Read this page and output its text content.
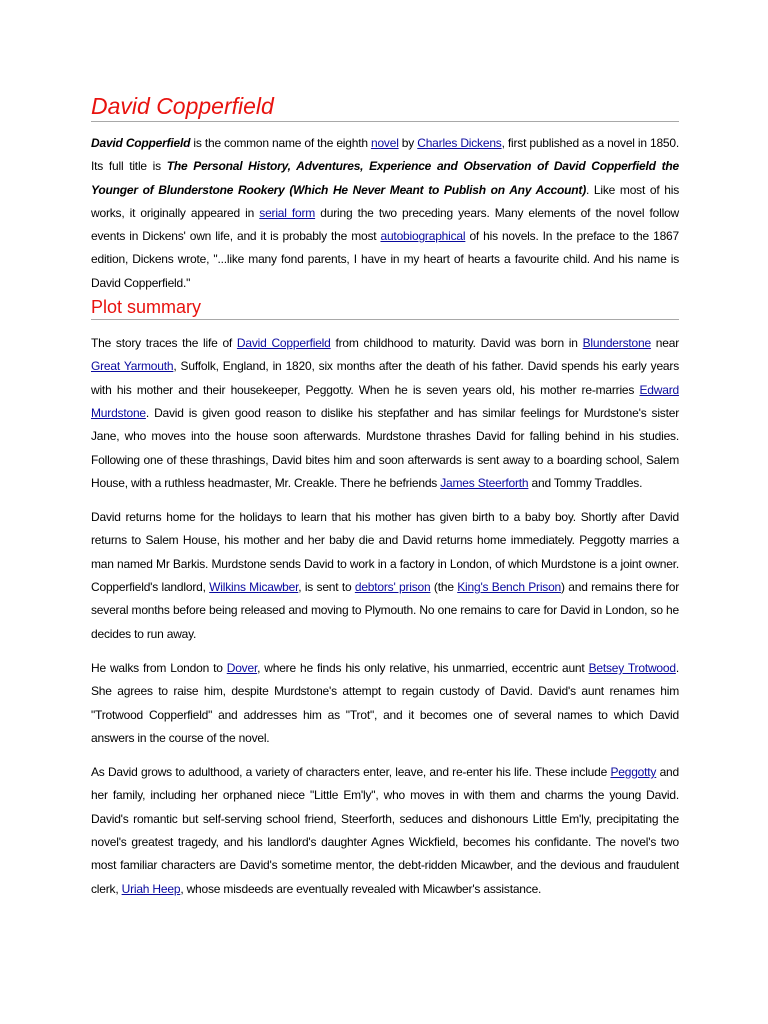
David Copperfield

David Copperfield is the common name of the eighth novel by Charles Dickens, first published as a novel in 1850. Its full title is The Personal History, Adventures, Experience and Observation of David Copperfield the Younger of Blunderstone Rookery (Which He Never Meant to Publish on Any Account). Like most of his works, it originally appeared in serial form during the two preceding years. Many elements of the novel follow events in Dickens' own life, and it is probably the most autobiographical of his novels. In the preface to the 1867 edition, Dickens wrote, "...like many fond parents, I have in my heart of hearts a favourite child. And his name is David Copperfield."

Plot summary

The story traces the life of David Copperfield from childhood to maturity. David was born in Blunderstone near Great Yarmouth, Suffolk, England, in 1820, six months after the death of his father. David spends his early years with his mother and their housekeeper, Peggotty. When he is seven years old, his mother re-marries Edward Murdstone. David is given good reason to dislike his stepfather and has similar feelings for Murdstone's sister Jane, who moves into the house soon afterwards. Murdstone thrashes David for falling behind in his studies. Following one of these thrashings, David bites him and soon afterwards is sent away to a boarding school, Salem House, with a ruthless headmaster, Mr. Creakle. There he befriends James Steerforth and Tommy Traddles.

David returns home for the holidays to learn that his mother has given birth to a baby boy. Shortly after David returns to Salem House, his mother and her baby die and David returns home immediately. Peggotty marries a man named Mr Barkis. Murdstone sends David to work in a factory in London, of which Murdstone is a joint owner. Copperfield's landlord, Wilkins Micawber, is sent to debtors' prison (the King's Bench Prison) and remains there for several months before being released and moving to Plymouth. No one remains to care for David in London, so he decides to run away.

He walks from London to Dover, where he finds his only relative, his unmarried, eccentric aunt Betsey Trotwood. She agrees to raise him, despite Murdstone's attempt to regain custody of David. David's aunt renames him "Trotwood Copperfield" and addresses him as "Trot", and it becomes one of several names to which David answers in the course of the novel.

As David grows to adulthood, a variety of characters enter, leave, and re-enter his life. These include Peggotty and her family, including her orphaned niece "Little Em'ly", who moves in with them and charms the young David. David's romantic but self-serving school friend, Steerforth, seduces and dishonours Little Em'ly, precipitating the novel's greatest tragedy, and his landlord's daughter Agnes Wickfield, becomes his confidante. The novel's two most familiar characters are David's sometime mentor, the debt-ridden Micawber, and the devious and fraudulent clerk, Uriah Heep, whose misdeeds are eventually revealed with Micawber's assistance.
